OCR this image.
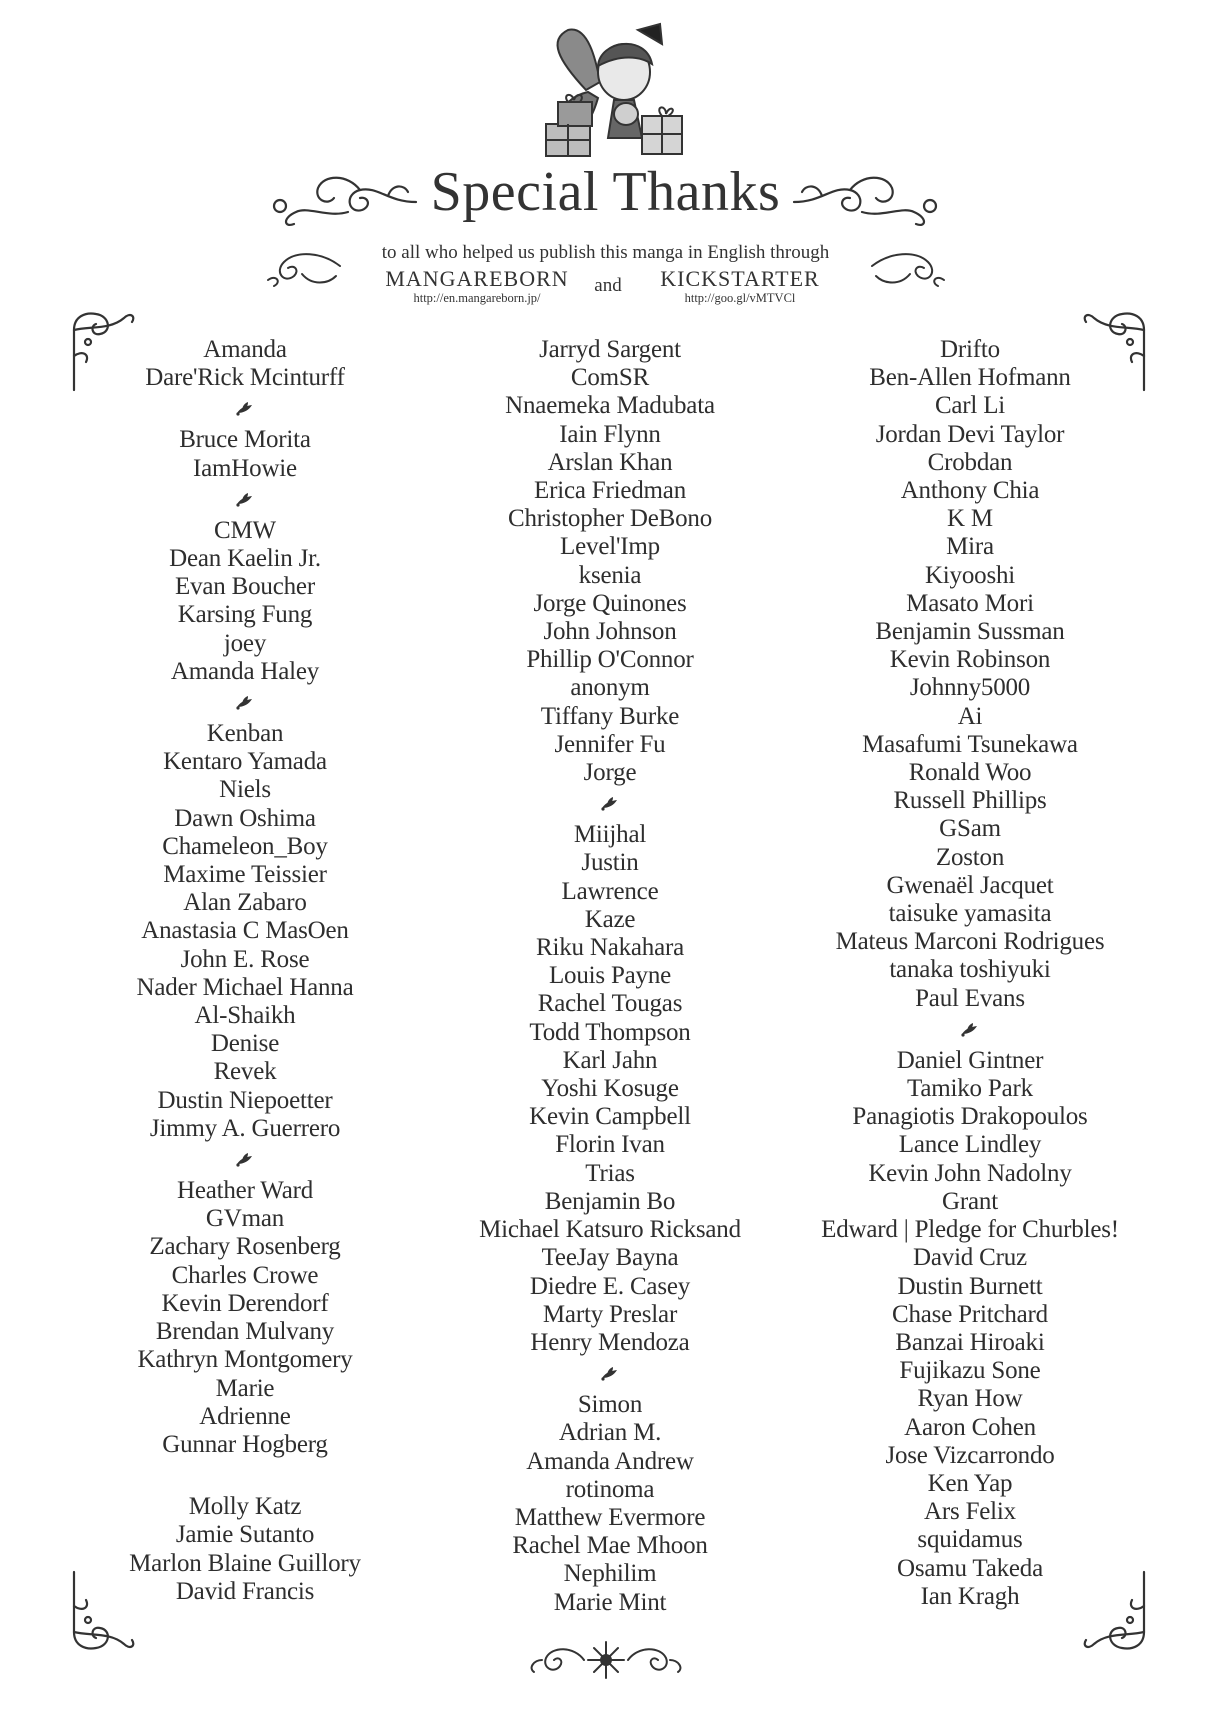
Special Thanks
to all who helped us publish this manga in English through
MANGAREBORN
http://en.mangareborn.jp/
and	KICKSTARTER
http://goo.gl/vMTVCl
Amanda
Dare'Rick Mcinturff
Bruce Morita
IamHowie
CMW
Dean Kaelin Jr.
Evan Boucher
Karsing Fung
joey
Amanda Haley
Kenban
Kentaro Yamada
Niels
Dawn Oshima
Chameleon_Boy
Maxime Teissier
Alan Zabaro
Anastasia C MasOen
John E. Rose
Nader Michael Hanna
Al-Shaikh
Denise
Revek
Dustin Niepoetter
Jimmy A. Guerrero
Heather Ward
GVman
Zachary Rosenberg
Charles Crowe
Kevin Derendorf
Brendan Mulvany
Kathryn Montgomery
Marie
Adrienne
Gunnar Hogberg
Molly Katz
Jamie Sutanto
Marlon Blaine Guillory
David Francis
Jarryd Sargent
ComSR
Nnaemeka Madubata
Iain Flynn
Arslan Khan
Erica Friedman
Christopher DeBono
Level'Imp
ksenia
Jorge Quinones
John Johnson
Phillip O'Connor
anonym
Tiffany Burke
Jennifer Fu
Jorge
Miijhal
Justin
Lawrence
Kaze
Riku Nakahara
Louis Payne
Rachel Tougas
Todd Thompson
Karl Jahn
Yoshi Kosuge
Kevin Campbell
Florin Ivan
Trias
Benjamin Bo
Michael Katsuro Ricksand
TeeJay Bayna
Diedre E. Casey
Marty Preslar
Henry Mendoza
Simon
Adrian M.
Amanda Andrew
rotinoma
Matthew Evermore
Rachel Mae Mhoon
Nephilim
Marie Mint
Drifto
Ben-Allen Hofmann
Carl Li
Jordan Devi Taylor
Crobdan
Anthony Chia
K M
Mira
Kiyooshi
Masato Mori
Benjamin Sussman
Kevin Robinson
Johnny5000
Ai
Masafumi Tsunekawa
Ronald Woo
Russell Phillips
GSam
Zoston
Gwenaël Jacquet
taisuke yamasita
Mateus Marconi Rodrigues
tanaka toshiyuki
Paul Evans
Daniel Gintner
Tamiko Park
Panagiotis Drakopoulos
Lance Lindley
Kevin John Nadolny
Grant
Edward | Pledge for Churbles!
David Cruz
Dustin Burnett
Chase Pritchard
Banzai Hiroaki
Fujikazu Sone
Ryan How
Aaron Cohen
Jose Vizcarrondo
Ken Yap
Ars Felix
squidamus
Osamu Takeda
Ian Kragh
